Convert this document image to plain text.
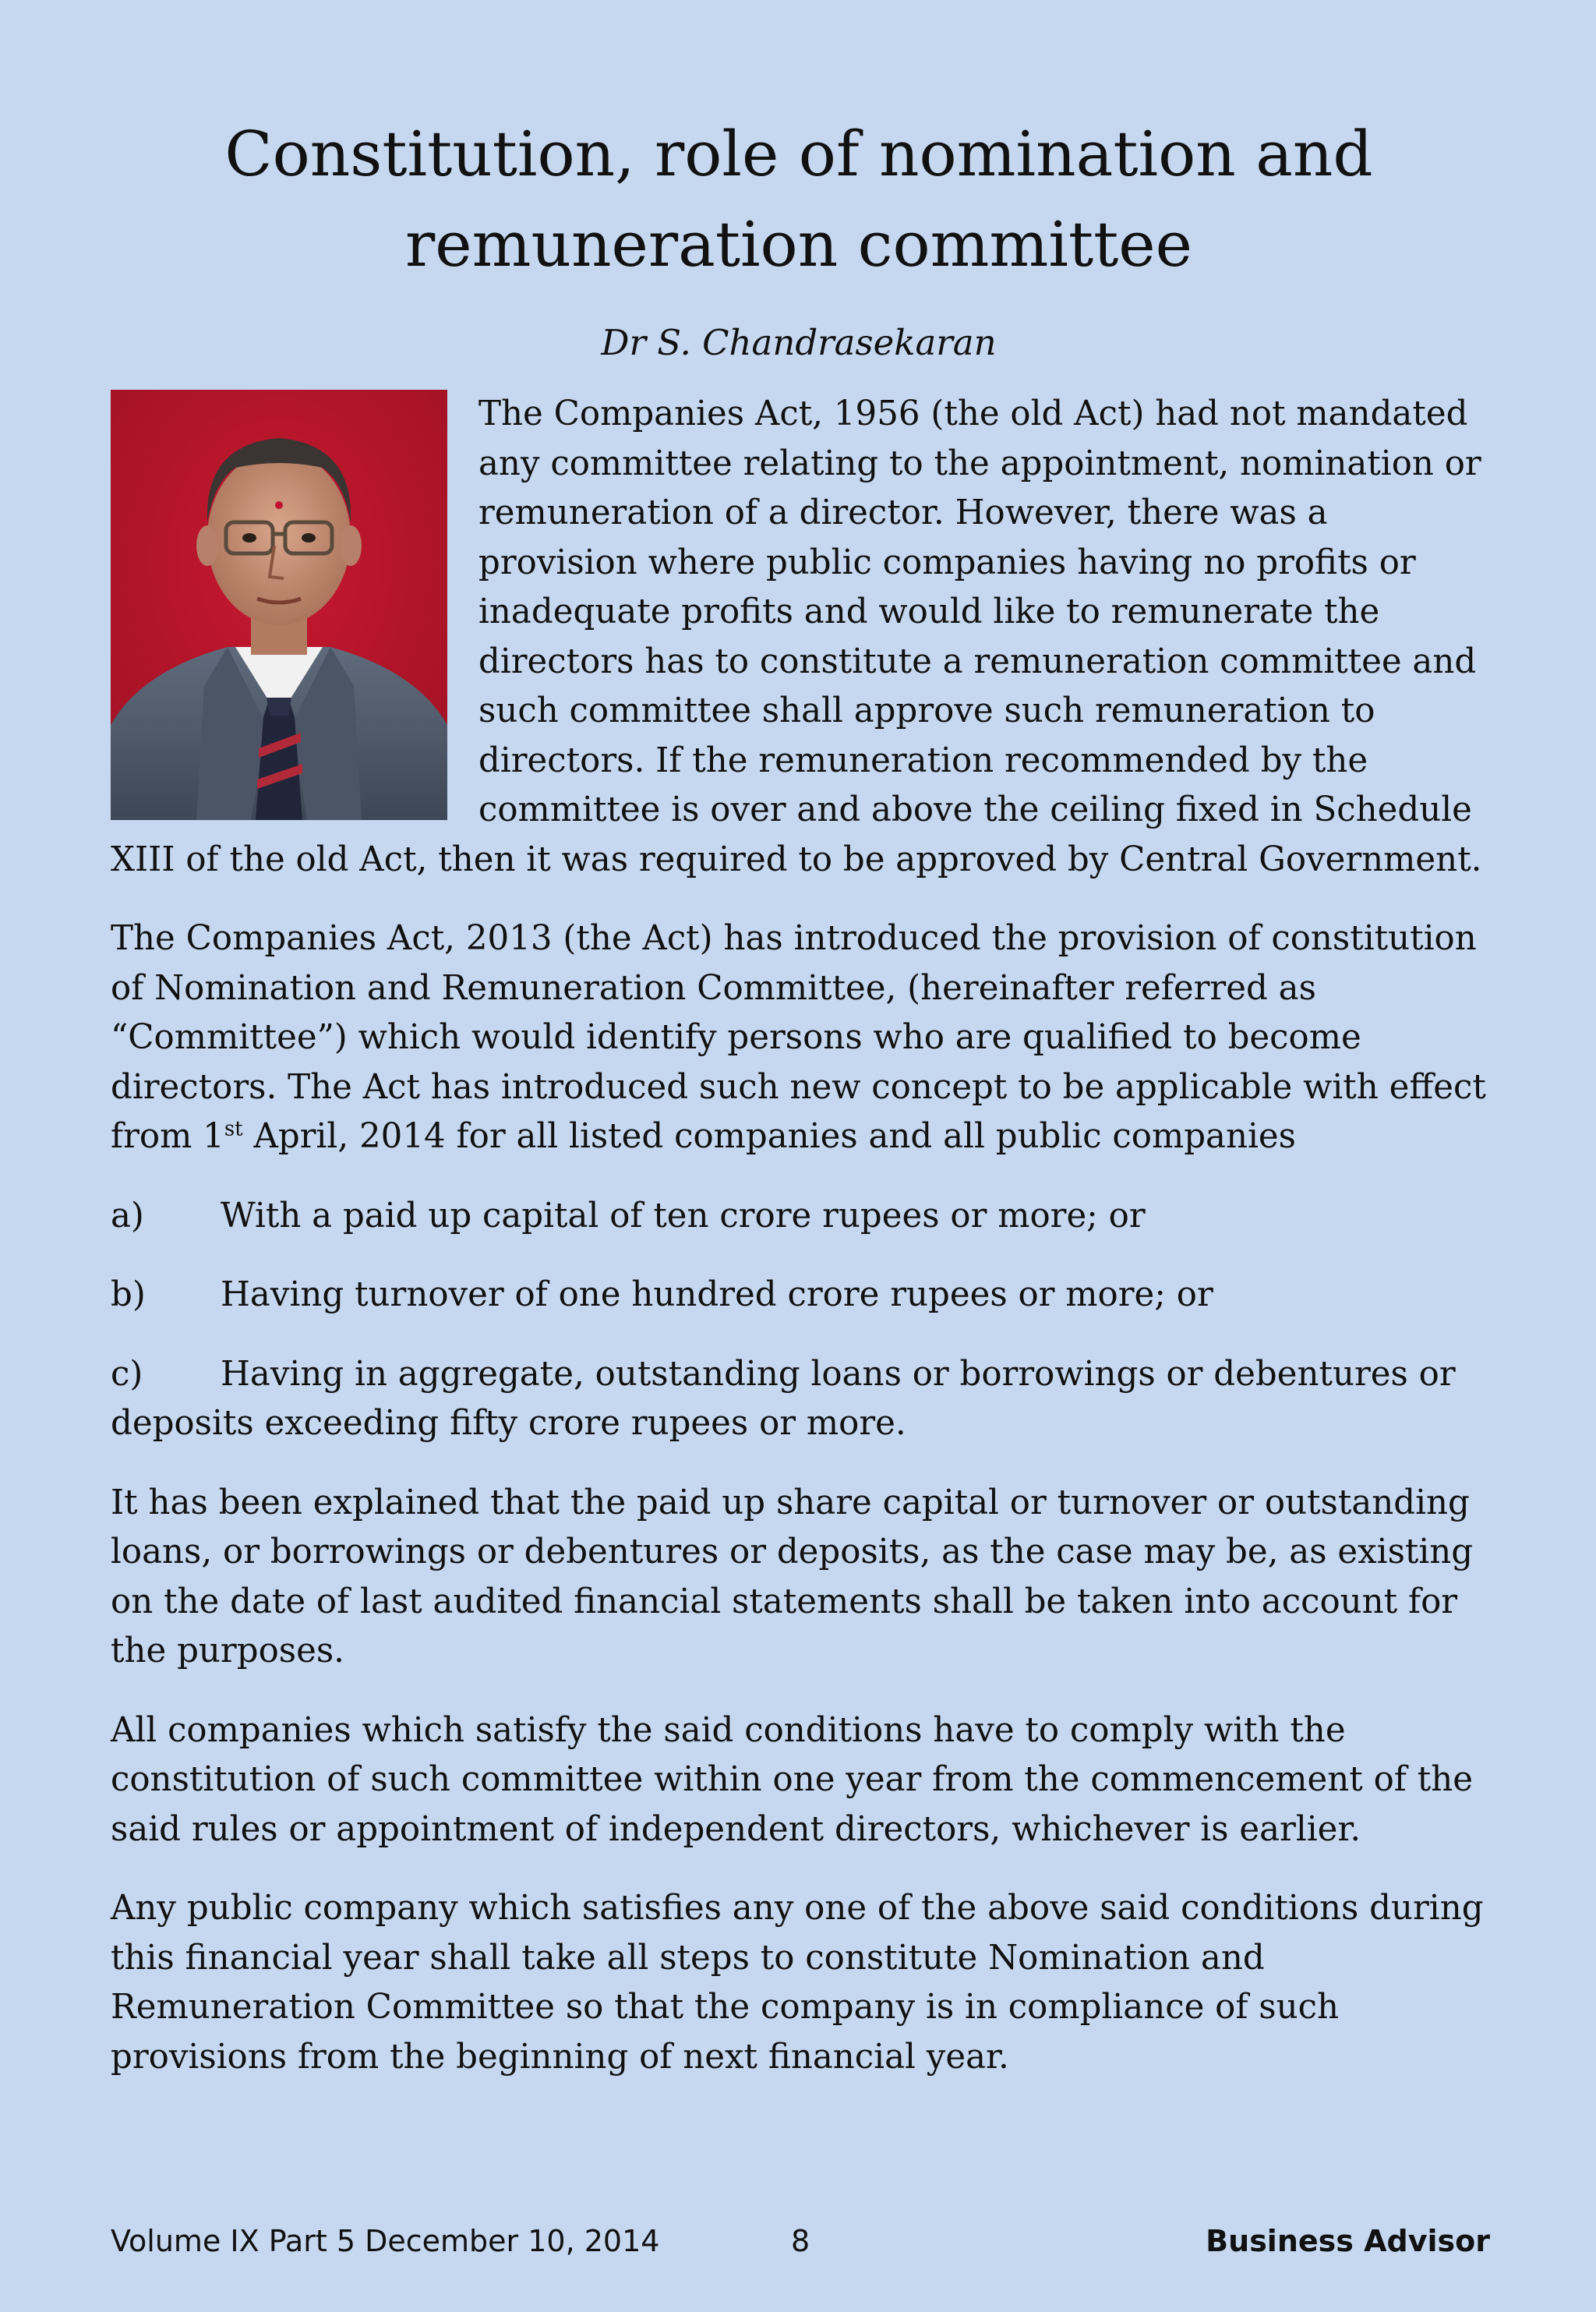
Constitution, role of nomination and
remuneration committee
Dr S. Chandrasekaran

The Companies Act, 1956 (the old Act) had not mandated any committee relating to the appointment, nomination or remuneration of a director. However, there was a provision where public companies having no profits or inadequate profits and would like to remunerate the directors has to constitute a remuneration committee and such committee shall approve such remuneration to directors. If the remuneration recommended by the committee is over and above the ceiling fixed in Schedule XIII of the old Act, then it was required to be approved by Central Government.

The Companies Act, 2013 (the Act) has introduced the provision of constitution of Nomination and Remuneration Committee, (hereinafter referred as “Committee”) which would identify persons who are qualified to become directors. The Act has introduced such new concept to be applicable with effect from 1st April, 2014 for all listed companies and all public companies

a) With a paid up capital of ten crore rupees or more; or
b) Having turnover of one hundred crore rupees or more; or
c) Having in aggregate, outstanding loans or borrowings or debentures or deposits exceeding fifty crore rupees or more.

It has been explained that the paid up share capital or turnover or outstanding loans, or borrowings or debentures or deposits, as the case may be, as existing on the date of last audited financial statements shall be taken into account for the purposes.

All companies which satisfy the said conditions have to comply with the constitution of such committee within one year from the commencement of the said rules or appointment of independent directors, whichever is earlier.

Any public company which satisfies any one of the above said conditions during this financial year shall take all steps to constitute Nomination and Remuneration Committee so that the company is in compliance of such provisions from the beginning of next financial year.

Volume IX Part 5 December 10, 2014	8	Business Advisor
